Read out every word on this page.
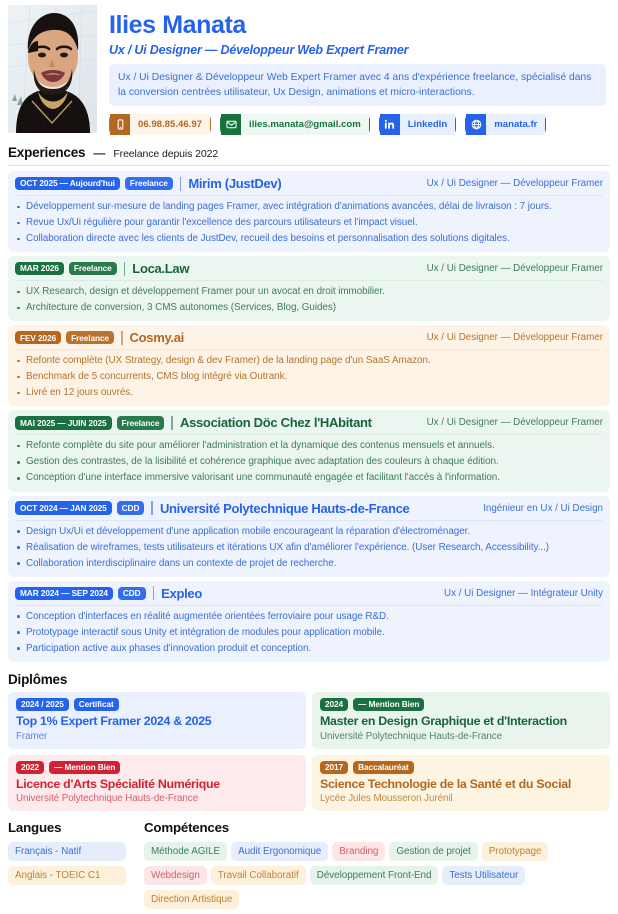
Ilies Manata
Ux / Ui Designer — Développeur Web Expert Framer
Ux / Ui Designer & Développeur Web Expert Framer avec 4 ans d'expérience freelance, spécialisé dans la conversion centrées utilisateur, Ux Design, animations et micro-interactions.
06.98.85.46.97	ilies.manata@gmail.com	LinkedIn	manata.fr
Experiences — Freelance depuis 2022
OCT 2025 — Aujourd'hui	Freelance	Mirim (JustDev)	Ux / Ui Designer — Développeur Framer
Développement sur-mesure de landing pages Framer, avec intégration d'animations avancées, délai de livraison : 7 jours.
Revue Ux/Ui régulière pour garantir l'excellence des parcours utilisateurs et l'impact visuel.
Collaboration directe avec les clients de JustDev, recueil des besoins et personnalisation des solutions digitales.
MAR 2026	Freelance	Loca.Law	Ux / Ui Designer — Développeur Framer
UX Research, design et développement Framer pour un avocat en droit immobilier.
Architecture de conversion, 3 CMS autonomes (Services, Blog, Guides)
FEV 2026	Freelance	Cosmy.ai	Ux / Ui Designer — Développeur Framer
Refonte complète (UX Strategy, design & dev Framer) de la landing page d'un SaaS Amazon.
Benchmark de 5 concurrents, CMS blog intégré via Outrank.
Livré en 12 jours ouvrés.
MAI 2025 — JUIN 2025	Freelance	Association Döc Chez l'HAbitant	Ux / Ui Designer — Développeur Framer
Refonte complète du site pour améliorer l'administration et la dynamique des contenus mensuels et annuels.
Gestion des contrastes, de la lisibilité et cohérence graphique avec adaptation des couleurs à chaque édition.
Conception d'une interface immersive valorisant une communauté engagée et facilitant l'accès à l'information.
OCT 2024 — JAN 2025	CDD	Université Polytechnique Hauts-de-France	Ingénieur en Ux / Ui Design
Design Ux/Ui et développement d'une application mobile encourageant la réparation d'électroménager.
Réalisation de wireframes, tests utilisateurs et itérations UX afin d'améliorer l'expérience. (User Research, Accessibility...)
Collaboration interdisciplinaire dans un contexte de projet de recherche.
MAR 2024 — SEP 2024	CDD	Expleo	Ux / Ui Designer — Intégrateur Unity
Conception d'interfaces en réalité augmentée orientées ferroviaire pour usage R&D.
Prototypage interactif sous Unity et intégration de modules pour application mobile.
Participation active aux phases d'innovation produit et conception.
Diplômes
2024 / 2025	Certificat
Top 1% Expert Framer 2024 & 2025
Framer
2024	— Mention Bien
Master en Design Graphique et d'Interaction
Université Polytechnique Hauts-de-France
2022	— Mention Bien
Licence d'Arts Spécialité Numérique
Université Polytechnique Hauts-de-France
2017	Baccalauréat
Science Technologie de la Santé et du Social
Lycée Jules Mousseron Jurénil
Langues
Français - Natif
Anglais - TOEIC C1
Compétences
Méthode AGILE	Audit Ergonomique	Branding	Gestion de projet	Prototypage
Webdesign	Travail Collaboratif	Développement Front-End	Tests Utilisateur
Direction Artistique
